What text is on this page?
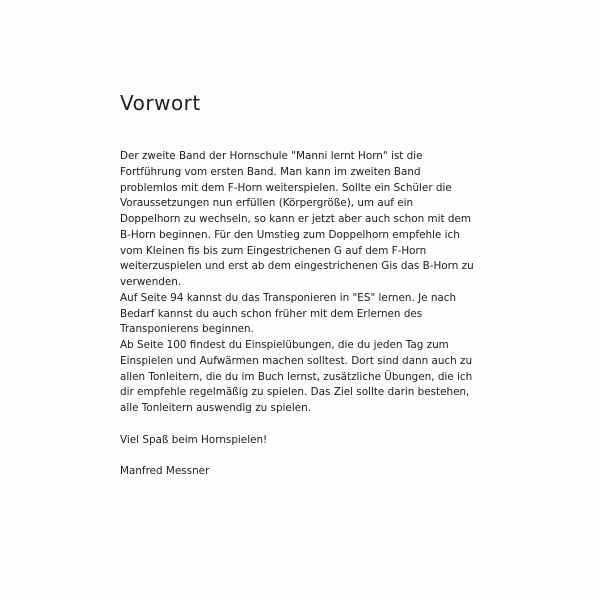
Vorwort
Der zweite Band der Hornschule "Manni lernt Horn" ist die
Fortführung vom ersten Band. Man kann im zweiten Band
problemlos mit dem F-Horn weiterspielen. Sollte ein Schüler die
Voraussetzungen nun erfüllen (Körpergröße), um auf ein
Doppelhorn zu wechseln, so kann er jetzt aber auch schon mit dem
B-Horn beginnen. Für den Umstieg zum Doppelhorn empfehle ich
vom Kleinen fis bis zum Eingestrichenen G auf dem F-Horn
weiterzuspielen und erst ab dem eingestrichenen Gis das B-Horn zu
verwenden.
Auf Seite 94 kannst du das Transponieren in "ES" lernen. Je nach
Bedarf kannst du auch schon früher mit dem Erlernen des
Transponierens beginnen.
Ab Seite 100 findest du Einspielübungen, die du jeden Tag zum
Einspielen und Aufwärmen machen solltest. Dort sind dann auch zu
allen Tonleitern, die du im Buch lernst, zusätzliche Übungen, die ich
dir empfehle regelmäßig zu spielen. Das Ziel sollte darin bestehen,
alle Tonleitern auswendig zu spielen.
Viel Spaß beim Hornspielen!
Manfred Messner
